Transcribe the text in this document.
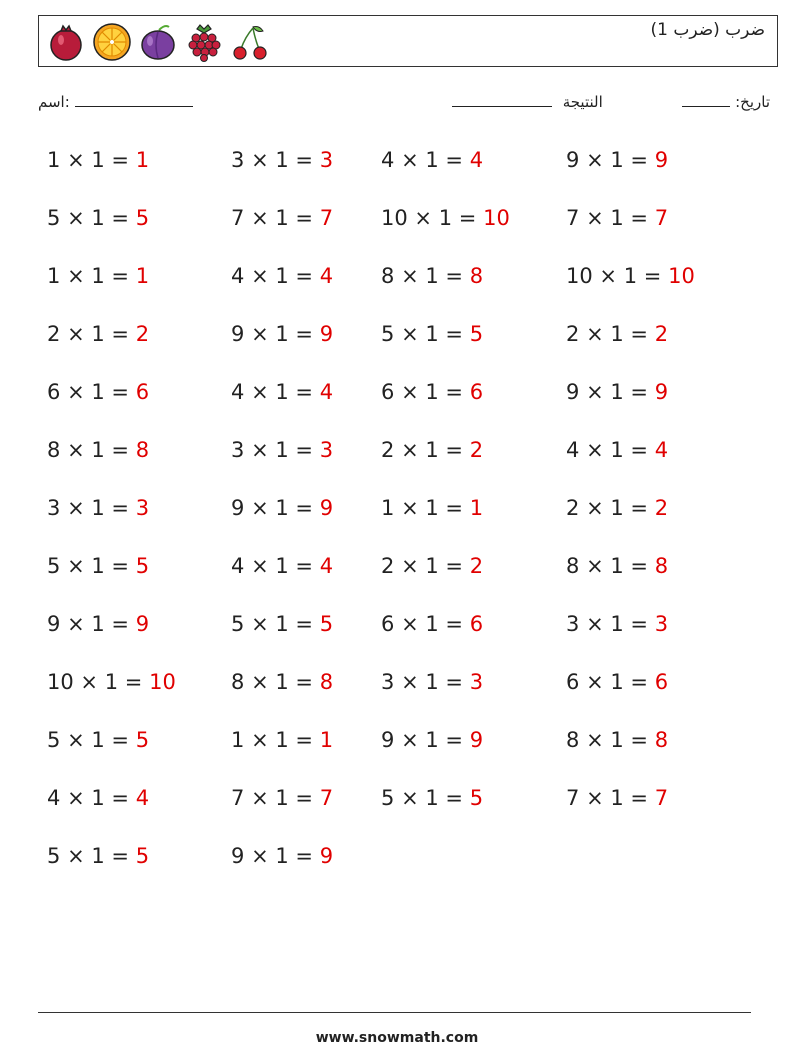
ضرب (ضرب 1)
اسم:	تاريخ:   النتيجة
1 × 1 = 1
5 × 1 = 5
1 × 1 = 1
2 × 1 = 2
6 × 1 = 6
8 × 1 = 8
3 × 1 = 3
5 × 1 = 5
9 × 1 = 9
10 × 1 = 10
5 × 1 = 5
4 × 1 = 4
5 × 1 = 5
3 × 1 = 3
7 × 1 = 7
4 × 1 = 4
9 × 1 = 9
4 × 1 = 4
3 × 1 = 3
9 × 1 = 9
4 × 1 = 4
5 × 1 = 5
8 × 1 = 8
1 × 1 = 1
7 × 1 = 7
9 × 1 = 9
4 × 1 = 4
10 × 1 = 10
8 × 1 = 8
5 × 1 = 5
6 × 1 = 6
2 × 1 = 2
1 × 1 = 1
2 × 1 = 2
6 × 1 = 6
3 × 1 = 3
9 × 1 = 9
5 × 1 = 5
9 × 1 = 9
7 × 1 = 7
10 × 1 = 10
2 × 1 = 2
9 × 1 = 9
4 × 1 = 4
2 × 1 = 2
8 × 1 = 8
3 × 1 = 3
6 × 1 = 6
8 × 1 = 8
7 × 1 = 7
www.snowmath.com
